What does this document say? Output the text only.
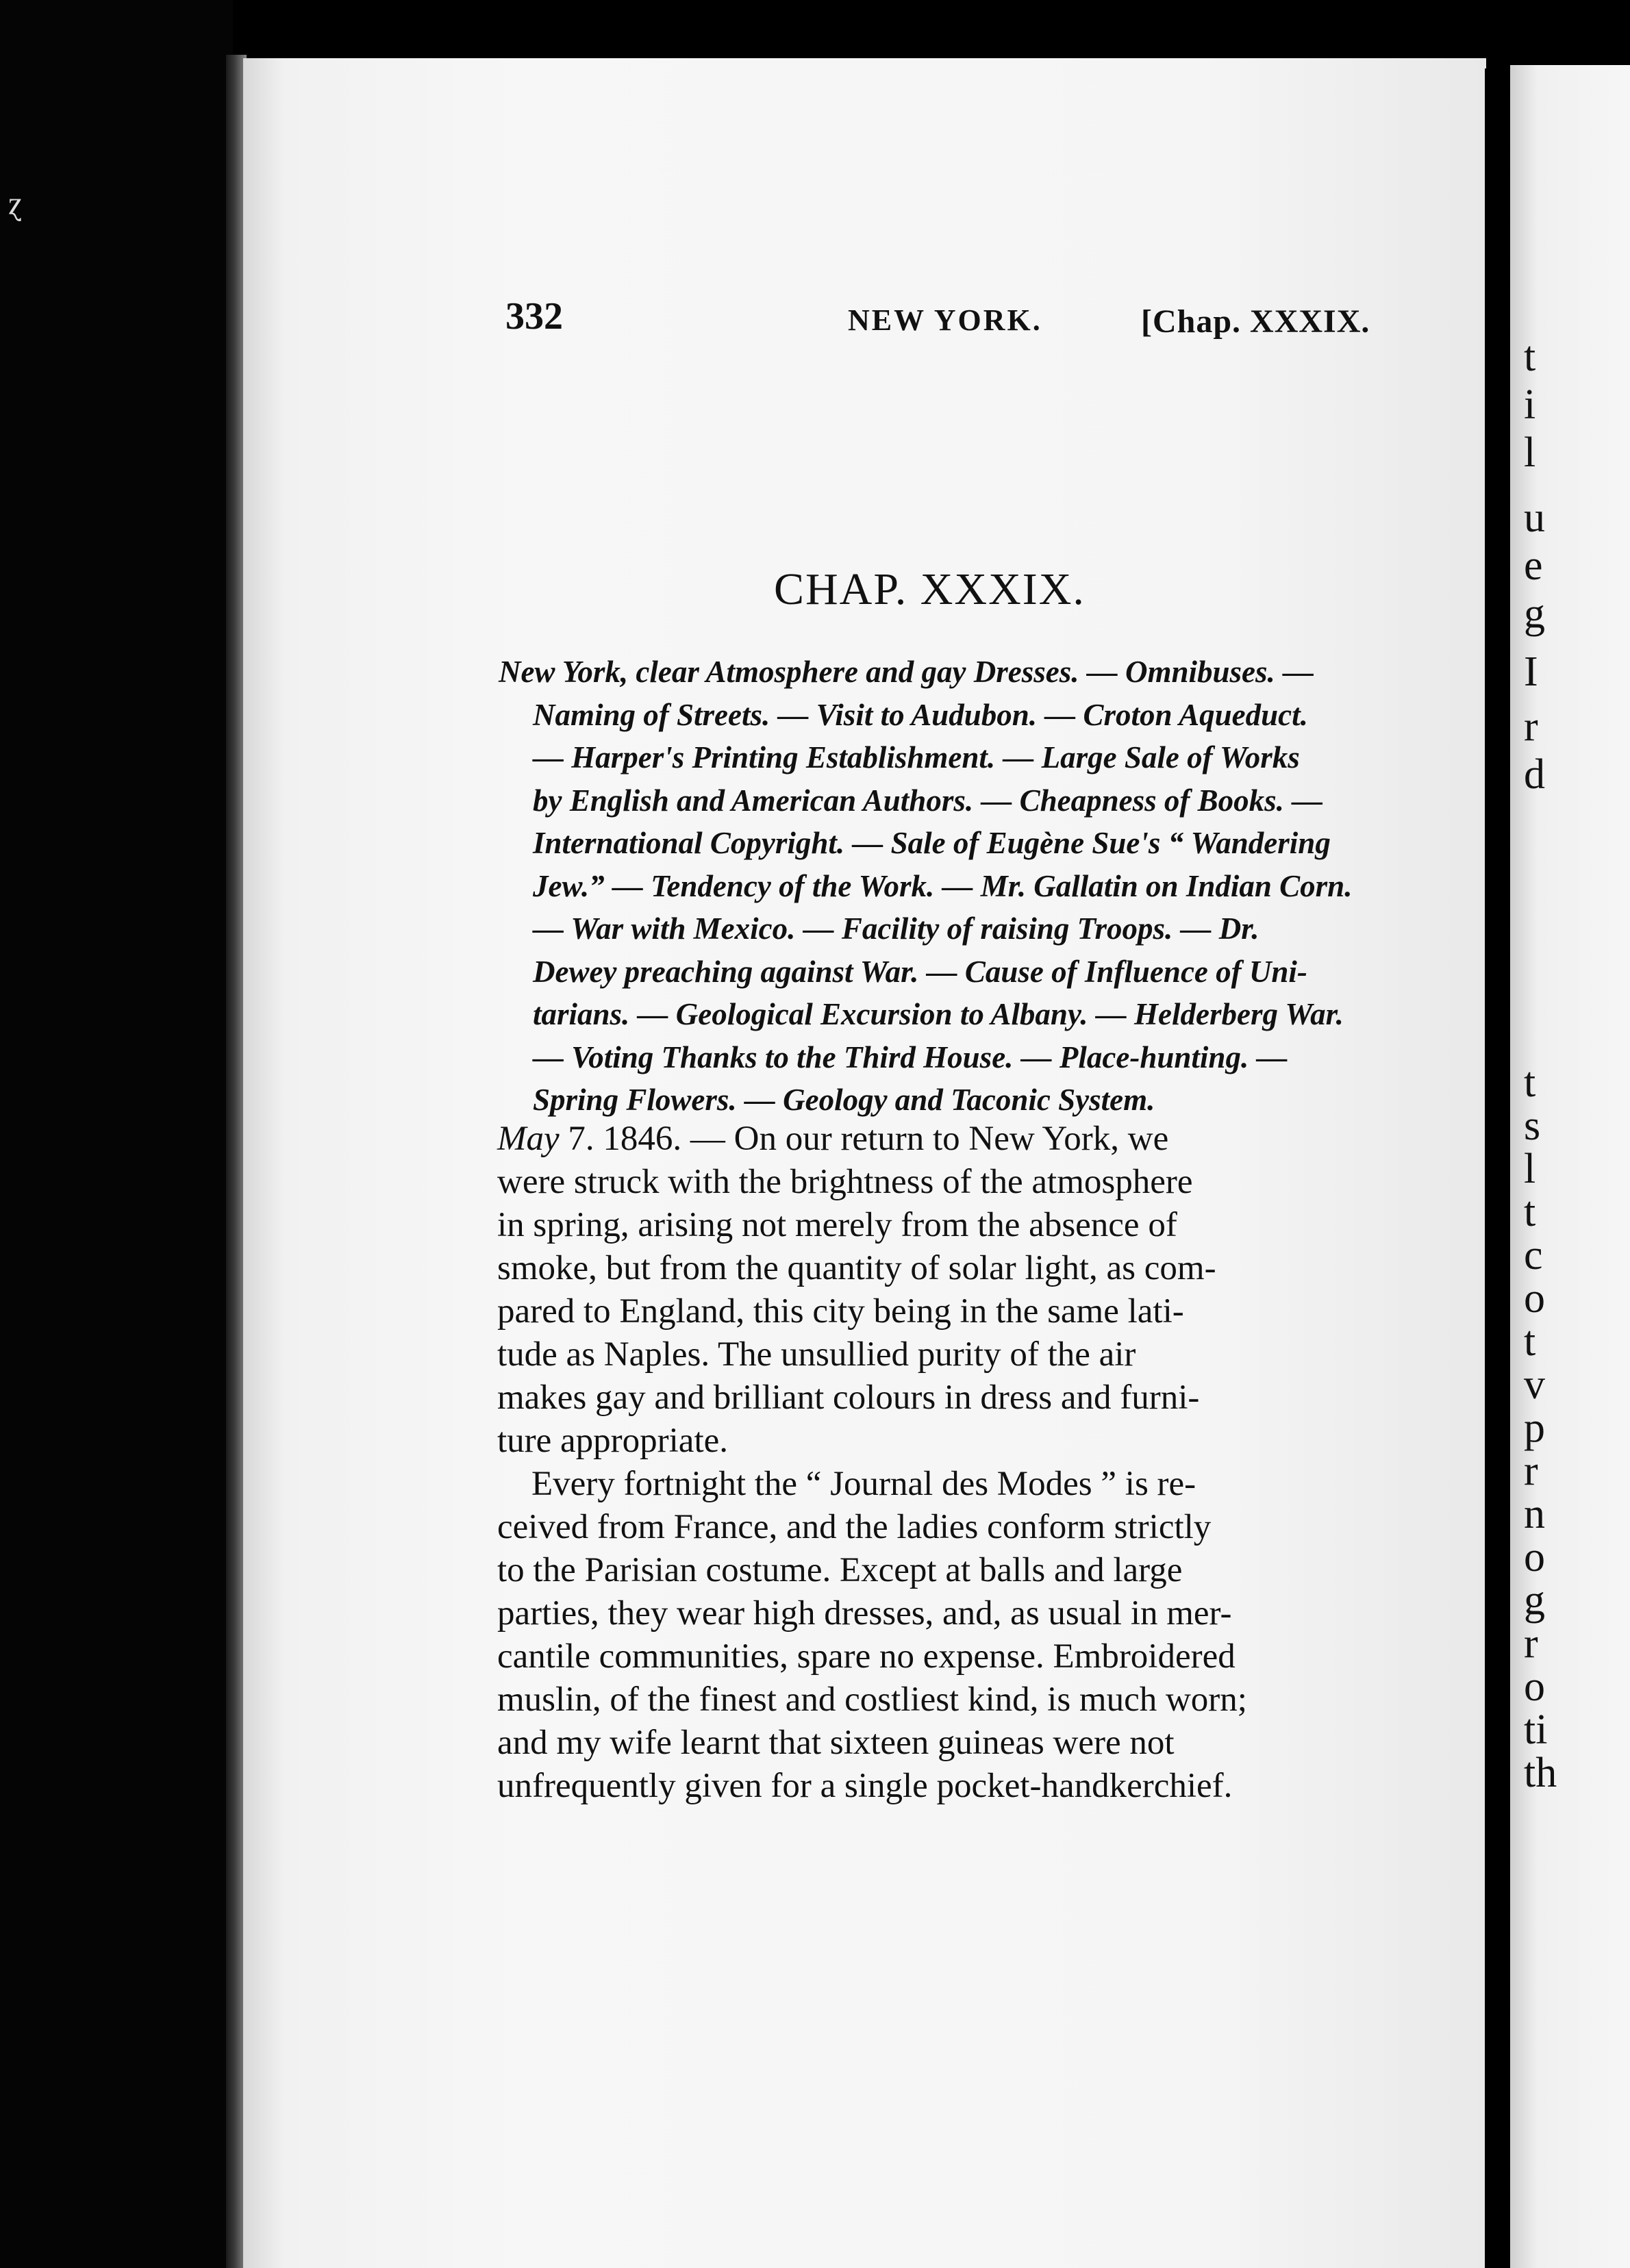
ɀ
t
i
l
u
e
g
I
r
d
t
s
l
t
c
o
t
v
p
r
n
o
g
r
o
ti
th
332	NEW YORK.	[Chap. XXXIX.
CHAP. XXXIX.
New York, clear Atmosphere and gay Dresses. — Omnibuses. —
Naming of Streets. — Visit to Audubon. — Croton Aqueduct.
— Harper's Printing Establishment. — Large Sale of Works
by English and American Authors. — Cheapness of Books. —
International Copyright. — Sale of Eugène Sue's “ Wandering
Jew.” — Tendency of the Work. — Mr. Gallatin on Indian Corn.
— War with Mexico. — Facility of raising Troops. — Dr.
Dewey preaching against War. — Cause of Influence of Uni-
tarians. — Geological Excursion to Albany. — Helderberg War.
— Voting Thanks to the Third House. — Place-hunting. —
Spring Flowers. — Geology and Taconic System.
May 7. 1846. — On our return to New York, we
were struck with the brightness of the atmosphere
in spring, arising not merely from the absence of
smoke, but from the quantity of solar light, as com-
pared to England, this city being in the same lati-
tude as Naples. The unsullied purity of the air
makes gay and brilliant colours in dress and furni-
ture appropriate.
Every fortnight the “ Journal des Modes ” is re-
ceived from France, and the ladies conform strictly
to the Parisian costume. Except at balls and large
parties, they wear high dresses, and, as usual in mer-
cantile communities, spare no expense. Embroidered
muslin, of the finest and costliest kind, is much worn;
and my wife learnt that sixteen guineas were not
unfrequently given for a single pocket-handkerchief.
